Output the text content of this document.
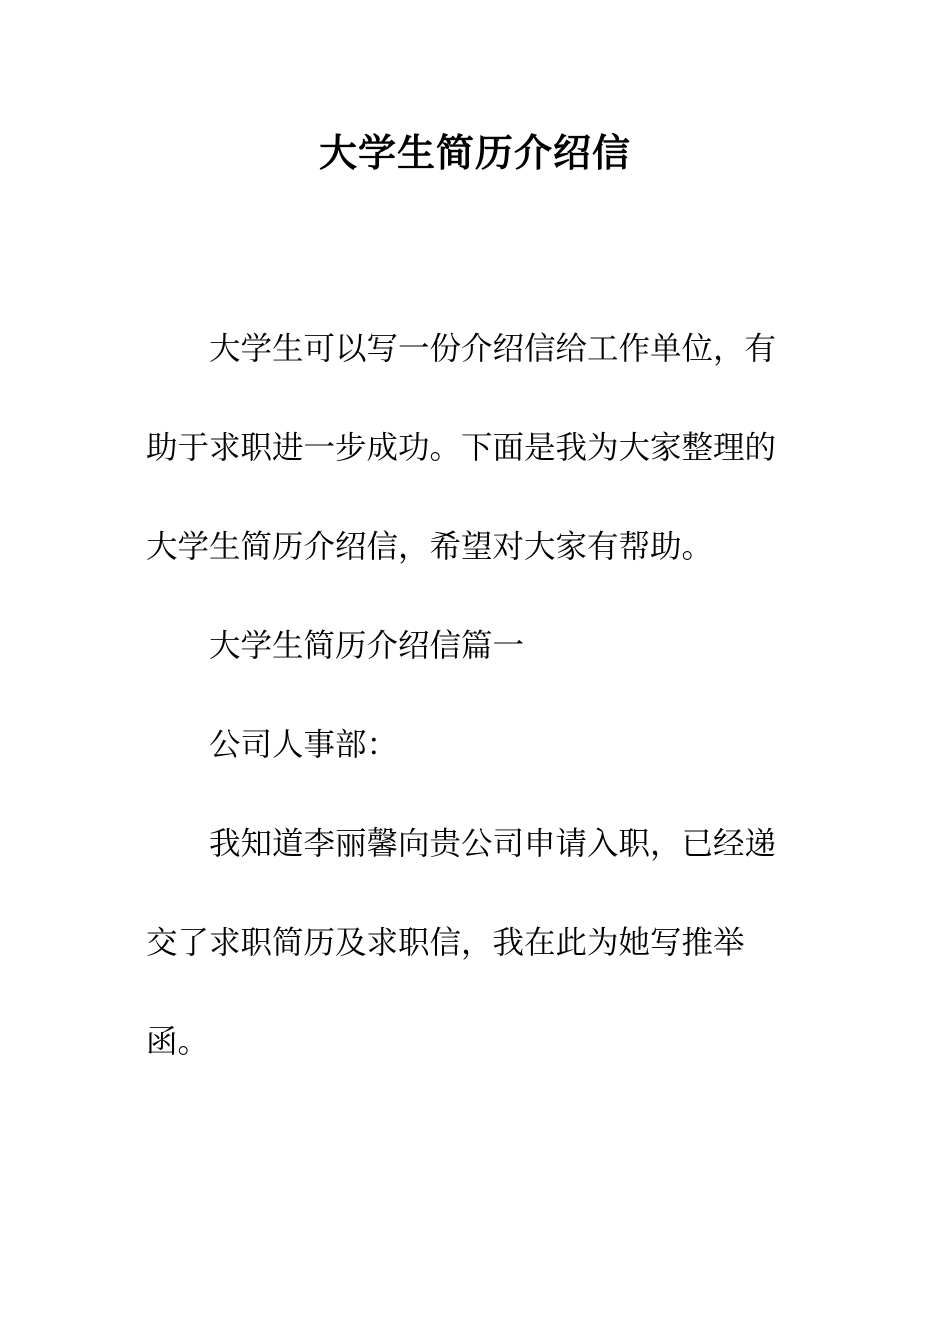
大学生简历介绍信

大学生可以写一份介绍信给工作单位，有助于求职进一步成功。下面是我为大家整理的大学生简历介绍信，希望对大家有帮助。

大学生简历介绍信篇一

公司人事部：

我知道李丽馨向贵公司申请入职，已经递交了求职简历及求职信，我在此为她写推举函。
